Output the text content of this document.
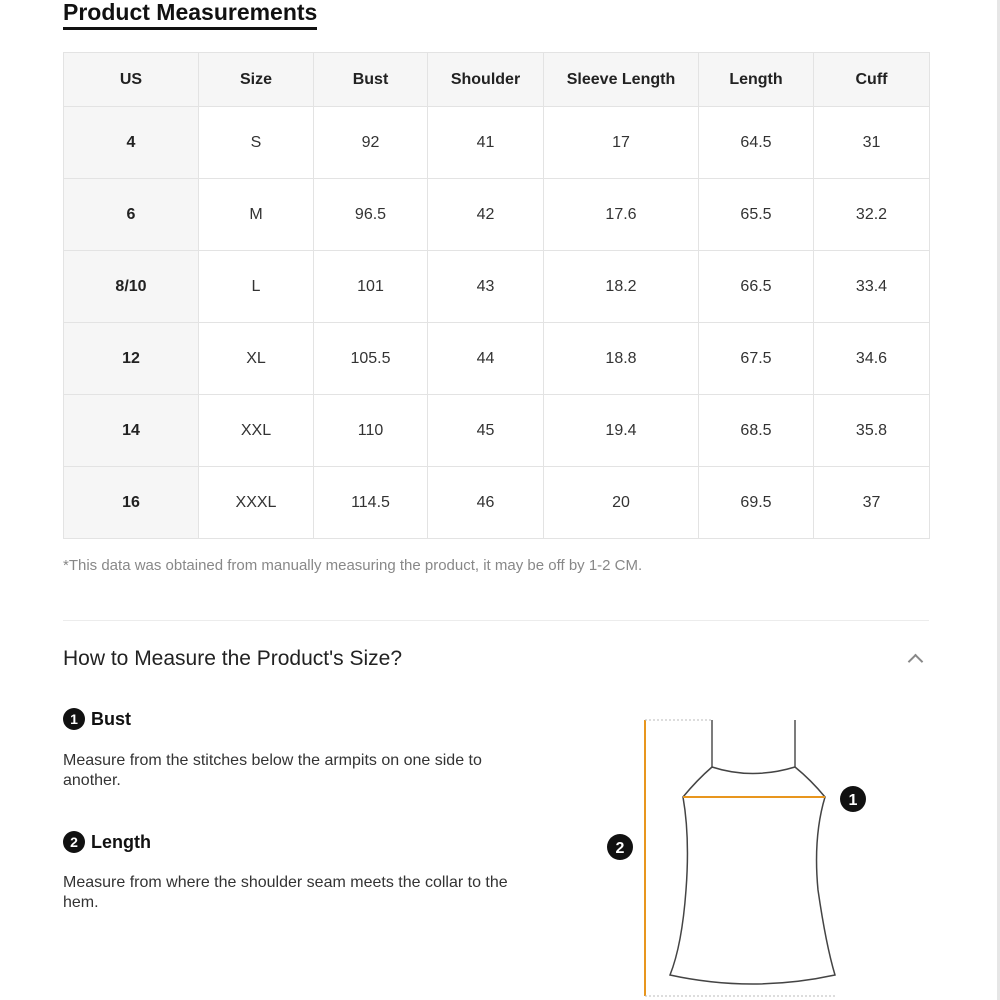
Product Measurements
US	Size	Bust	Shoulder	Sleeve Length	Length	Cuff
4	S	92	41	17	64.5	31
6	M	96.5	42	17.6	65.5	32.2
8/10	L	101	43	18.2	66.5	33.4
12	XL	105.5	44	18.8	67.5	34.6
14	XXL	110	45	19.4	68.5	35.8
16	XXXL	114.5	46	20	69.5	37

*This data was obtained from manually measuring the product, it may be off by 1-2 CM.

How to Measure the Product's Size?
1 Bust

Measure from the stitches below the armpits on one side to another.

2 Length

Measure from where the shoulder seam meets the collar to the hem.

1
2
